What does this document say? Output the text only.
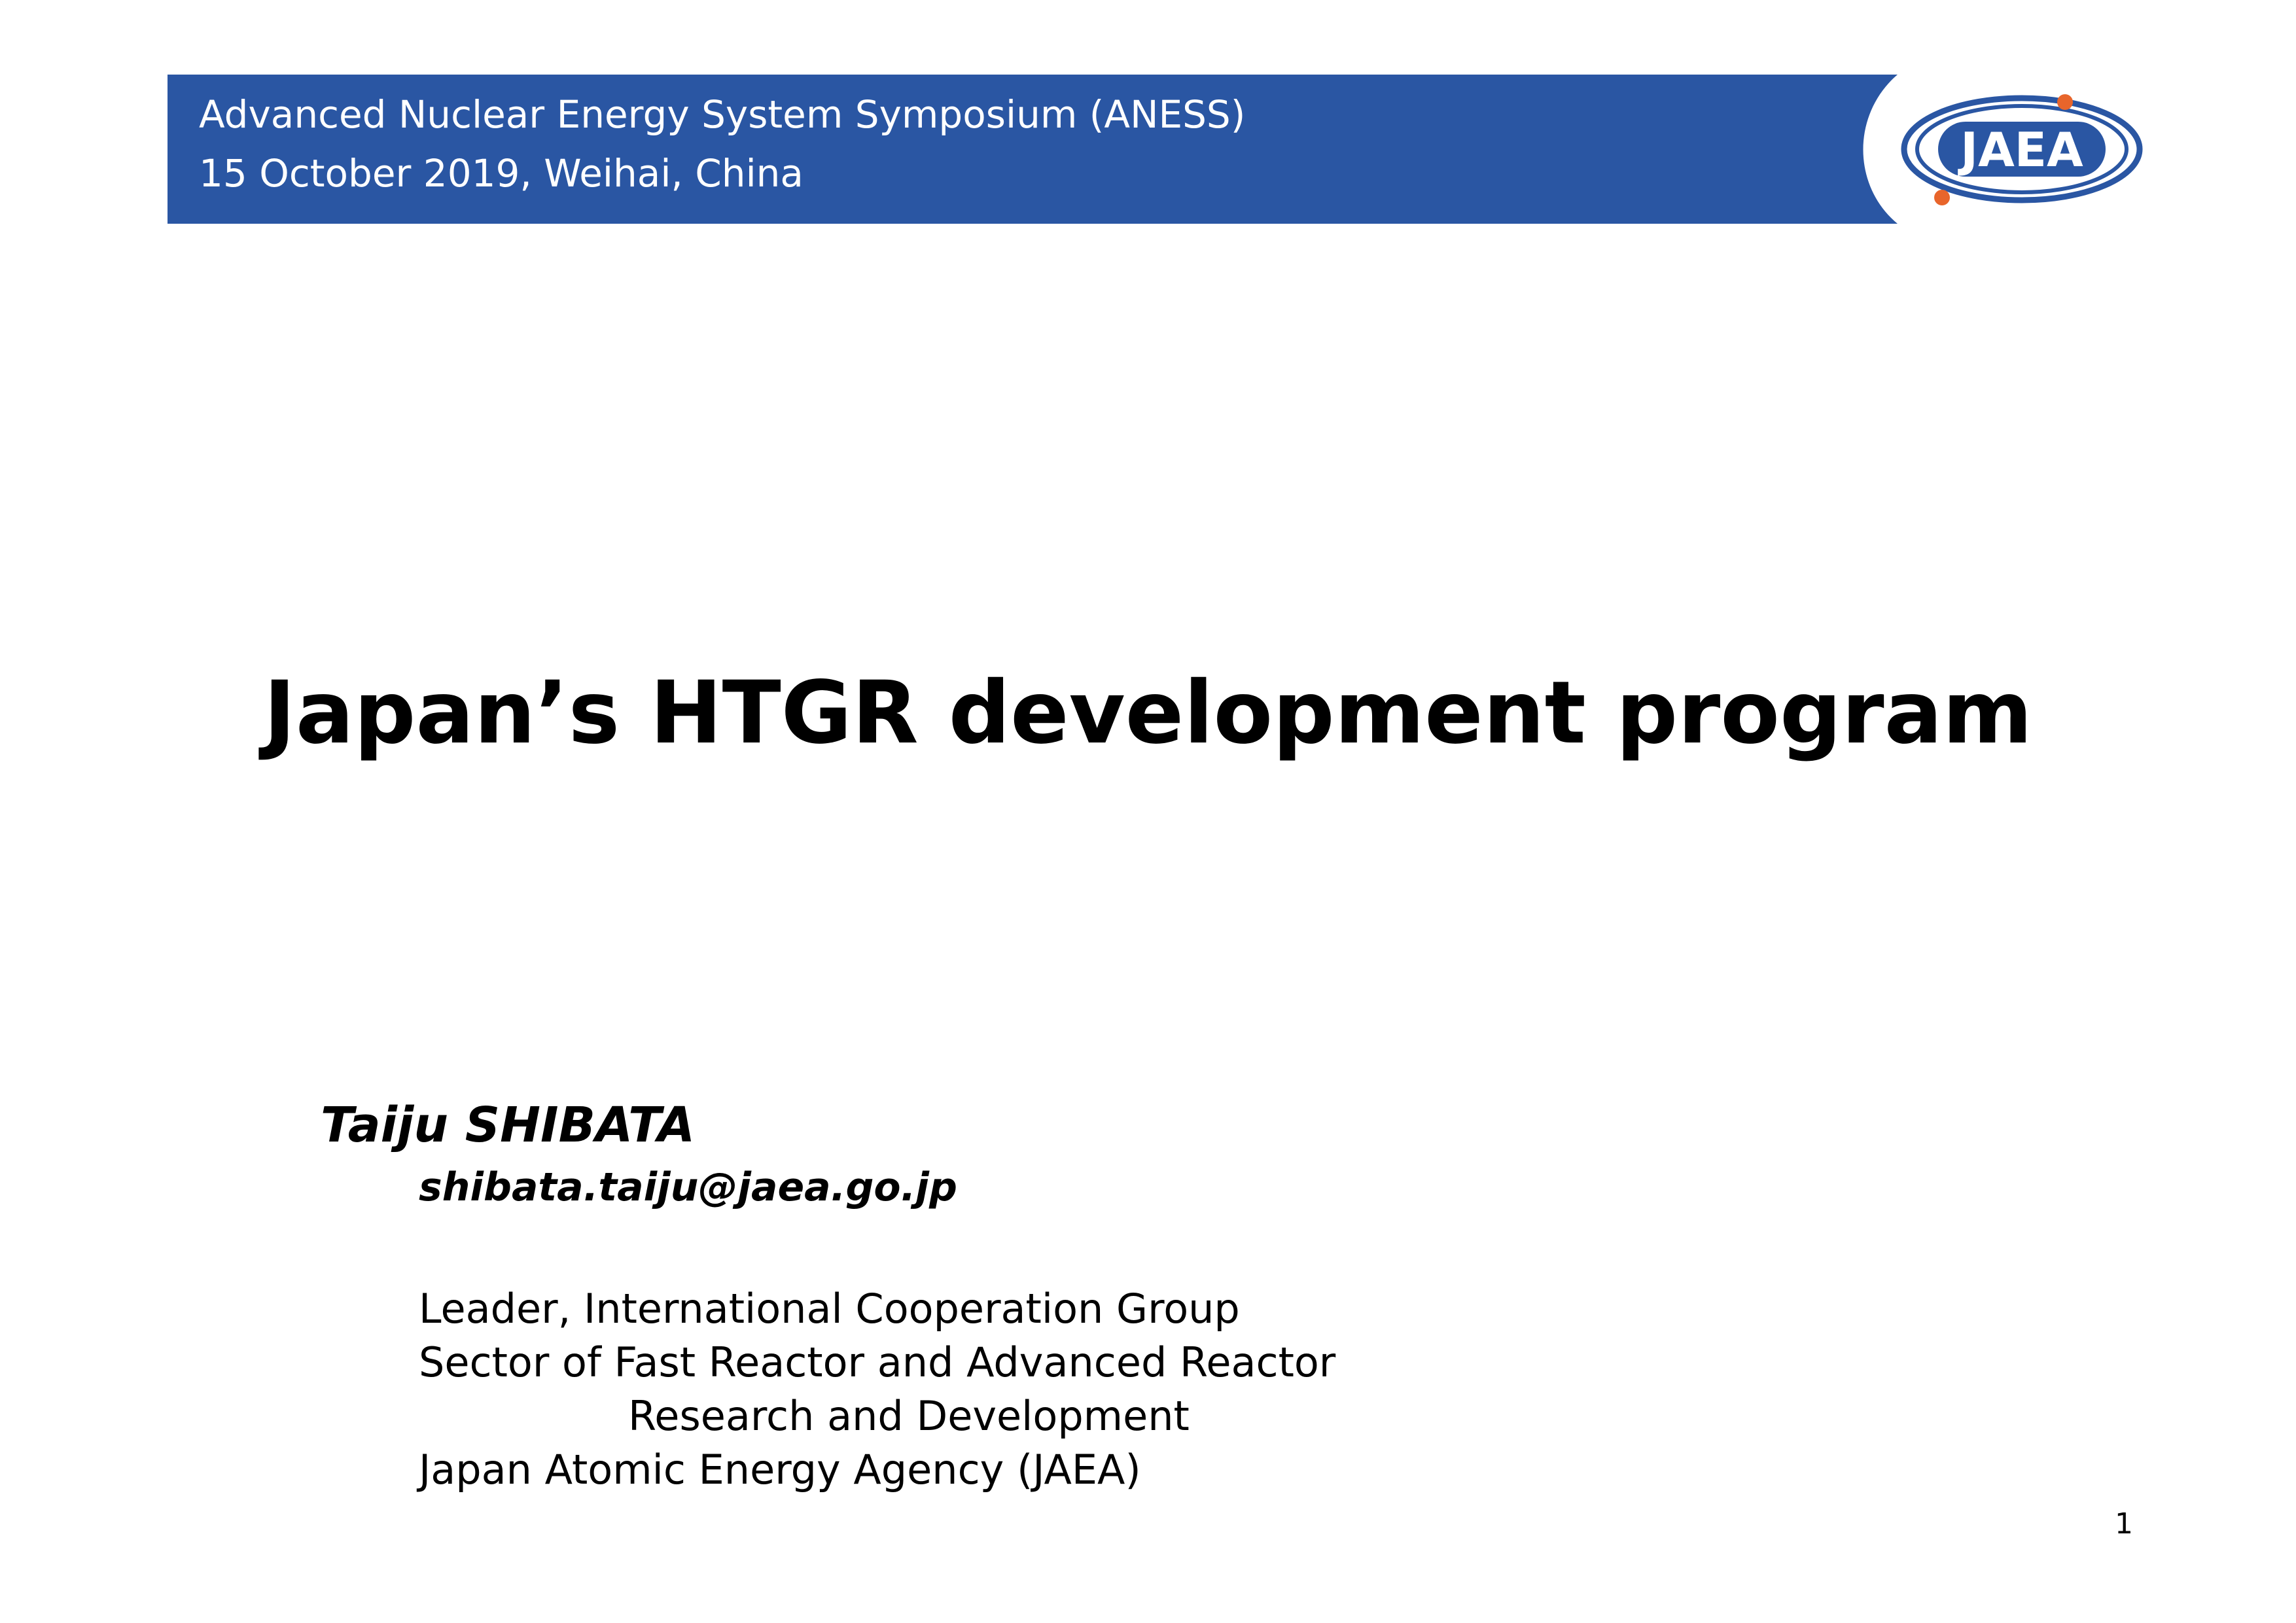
Advanced Nuclear Energy System Symposium (ANESS)
15 October 2019, Weihai, China	JAEA
Japan’s HTGR development program
Taiju SHIBATA
shibata.taiju@jaea.go.jp
Leader, International Cooperation Group
Sector of Fast Reactor and Advanced Reactor
Research and Development
Japan Atomic Energy Agency (JAEA)
1
